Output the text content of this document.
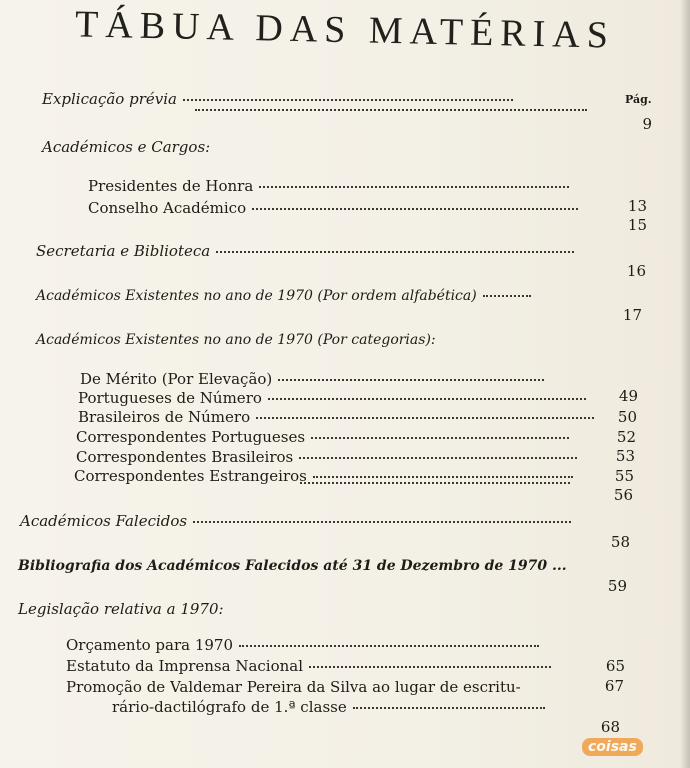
TÁBUA DAS MATÉRIAS
Pág.
Explicação prévia
9
Académicos e Cargos:
Presidentes de Honra
13
Conselho Académico
15
Secretaria e Biblioteca
16
Académicos Existentes no ano de 1970 (Por ordem alfabética)
17
Académicos Existentes no ano de 1970 (Por categorias):
De Mérito (Por Elevação)
49
Portugueses de Número
50
Brasileiros de Número
52
Correspondentes Portugueses
53
Correspondentes Brasileiros
55
Correspondentes Estrangeiros
56
Académicos Falecidos
58
Bibliografia dos Académicos Falecidos até 31 de Dezembro de 1970 ...
59
Legislação relativa a 1970:
Orçamento para 1970
65
Estatuto da Imprensa Nacional
67
Promoção de Valdemar Pereira da Silva ao lugar de escritu-
rário-dactilógrafo de 1.ª classe
68
coisas
